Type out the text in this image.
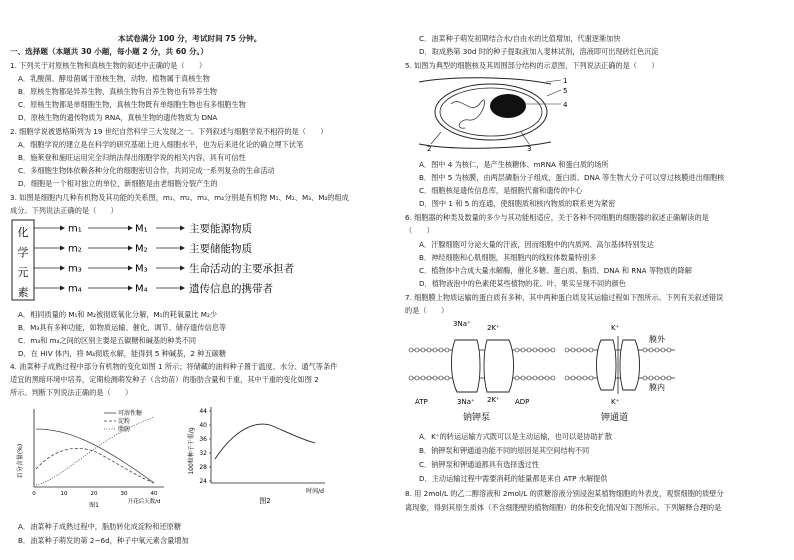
本试卷满分 100 分，考试时间 75 分钟。
一、选择题（本题共 30 小题，每小题 2 分，共 60 分。）
1. 下列关于对原核生物和真核生物的叙述中正确的是（　　）
A．乳酸菌、酵母菌属于原核生物，动物、植物属于真核生物
B．原核生物都是异养生物，真核生物有自养生物也有异养生物
C．原核生物都是单细胞生物，真核生物既有单细胞生物也有多细胞生物
D．原核生物的遗传物质为 RNA，真核生物的遗传物质为 DNA
2. 细胞学说被恩格斯列为 19 世纪自然科学三大发现之一。下列叙述与细胞学说不相符的是（　　）
A．细胞学说的建立是在科学的研究基础上进入细胞水平，也为后来进化论的确立埋下伏笔
B．施莱登和施旺运用完全归纳法得出细胞学说的相关内容，具有可信性
C．多细胞生物体依赖各种分化的细胞密切合作，共同完成一系列复杂的生命活动
D．细胞是一个相对独立的单位，新细胞是由老细胞分裂产生的
3. 如图是细胞内几种有机物及其功能的关系图，m₁、m₂、m₃、m₄分别是有机物 M₁、M₂、M₃、M₄的组成
成分。下列说法正确的是（　　）
化
学
元
素
m₁	M₁	主要能源物质
m₂	M₂	主要储能物质
m₃	M₃	生命活动的主要承担者
m₄	M₄	遗传信息的携带者
A．相同质量的 M₁和 M₂被彻底氧化分解，M₁的耗氧量比 M₂少
B．M₃具有多种功能，如物质运输、催化、调节、储存遗传信息等
C．m₃和 m₄之间的区别主要是五碳糖和碱基的种类不同
D．在 HIV 体内，将 M₄彻底水解，能得到 5 种碱基，2 种五碳糖
4. 油菜种子成熟过程中部分有机物的变化如图 1 所示；将储藏的油料种子置于温度、水分、通气等条件
适宜的黑暗环境中培养，定期检测萌发种子（含幼苗）的脂肪含量和干重，其中干重的变化如图 2
所示。判断下列说法正确的是（　　）
百分含量(%)
可溶性糖
淀粉
脂肪
0	10	20	30	40
开花后天数/d
图1
100粒种子干重/g
44
40
36
32
28
24
时间/d
图2
A．油菜种子成熟过程中，脂肪转化成淀粉和还原糖
B．油菜种子萌发的第 2~6d，种子中氧元素含量增加
C．油菜种子萌发初期结合水/自由水的比值增加，代谢逐渐加快
D．取成熟第 30d 时的种子提取液加入斐林试剂，溶液即可出现砖红色沉淀
5. 如图为典型的细胞核及其周围部分结构的示意图，下列说法正确的是（　　）
1
2	3
4
5
A．图中 4 为核仁，是产生核糖体、mRNA 和蛋白质的场所
B．图中 5 为核膜，由两层磷脂分子组成，蛋白质、DNA 等生物大分子可以穿过核膜进出细胞核
C．细胞核是遗传信息库，是细胞代谢和遗传的中心
D．图中 1 和 5 的连通，使细胞质和核内物质的联系更为紧密
6. 细胞器的种类及数量的多少与其功能相适应，关于各种不同细胞的细胞器的叙述正确解读的是
（　　）
A．汗腺细胞可分泌大量的汗液，因而细胞中的内质网、高尔基体特别发达
B．神经细胞和心肌细胞，其细胞内的线粒体数量特别多
C．植物体中合成大量水解酶，催化多糖、蛋白质、脂质、DNA 和 RNA 等物质的降解
D．植物液泡中的色素使某些植物的花、叶、果实呈现不同的颜色
7. 细胞膜上物质运输的蛋白质有多种，其中两种蛋白质及其运输过程如下图所示。下列有关叙述错误
的是（　　）
3Na⁺ 2K⁺
3Na⁺ 2K⁺
ATP	ADP
钠钾泵
K⁺
K⁺
膜外
膜内
钾通道
A．K⁺的转运运输方式既可以是主动运输，也可以是协助扩散
B．钠钾泵和钾通道功能不同的原因是其空间结构不同
C．钠钾泵和钾通道都具有选择透过性
D．主动运输过程中需要消耗的能量都是来自 ATP 水解提供
8. 用 2mol/L 的乙二醇溶液和 2mol/L 的蔗糖溶液分别浸泡某植物细胞的外表皮，观察细胞的质壁分
离现象，得到其原生质体（不含细胞壁的植物细胞）的体积变化情况如下图所示。下列解释合理的是
